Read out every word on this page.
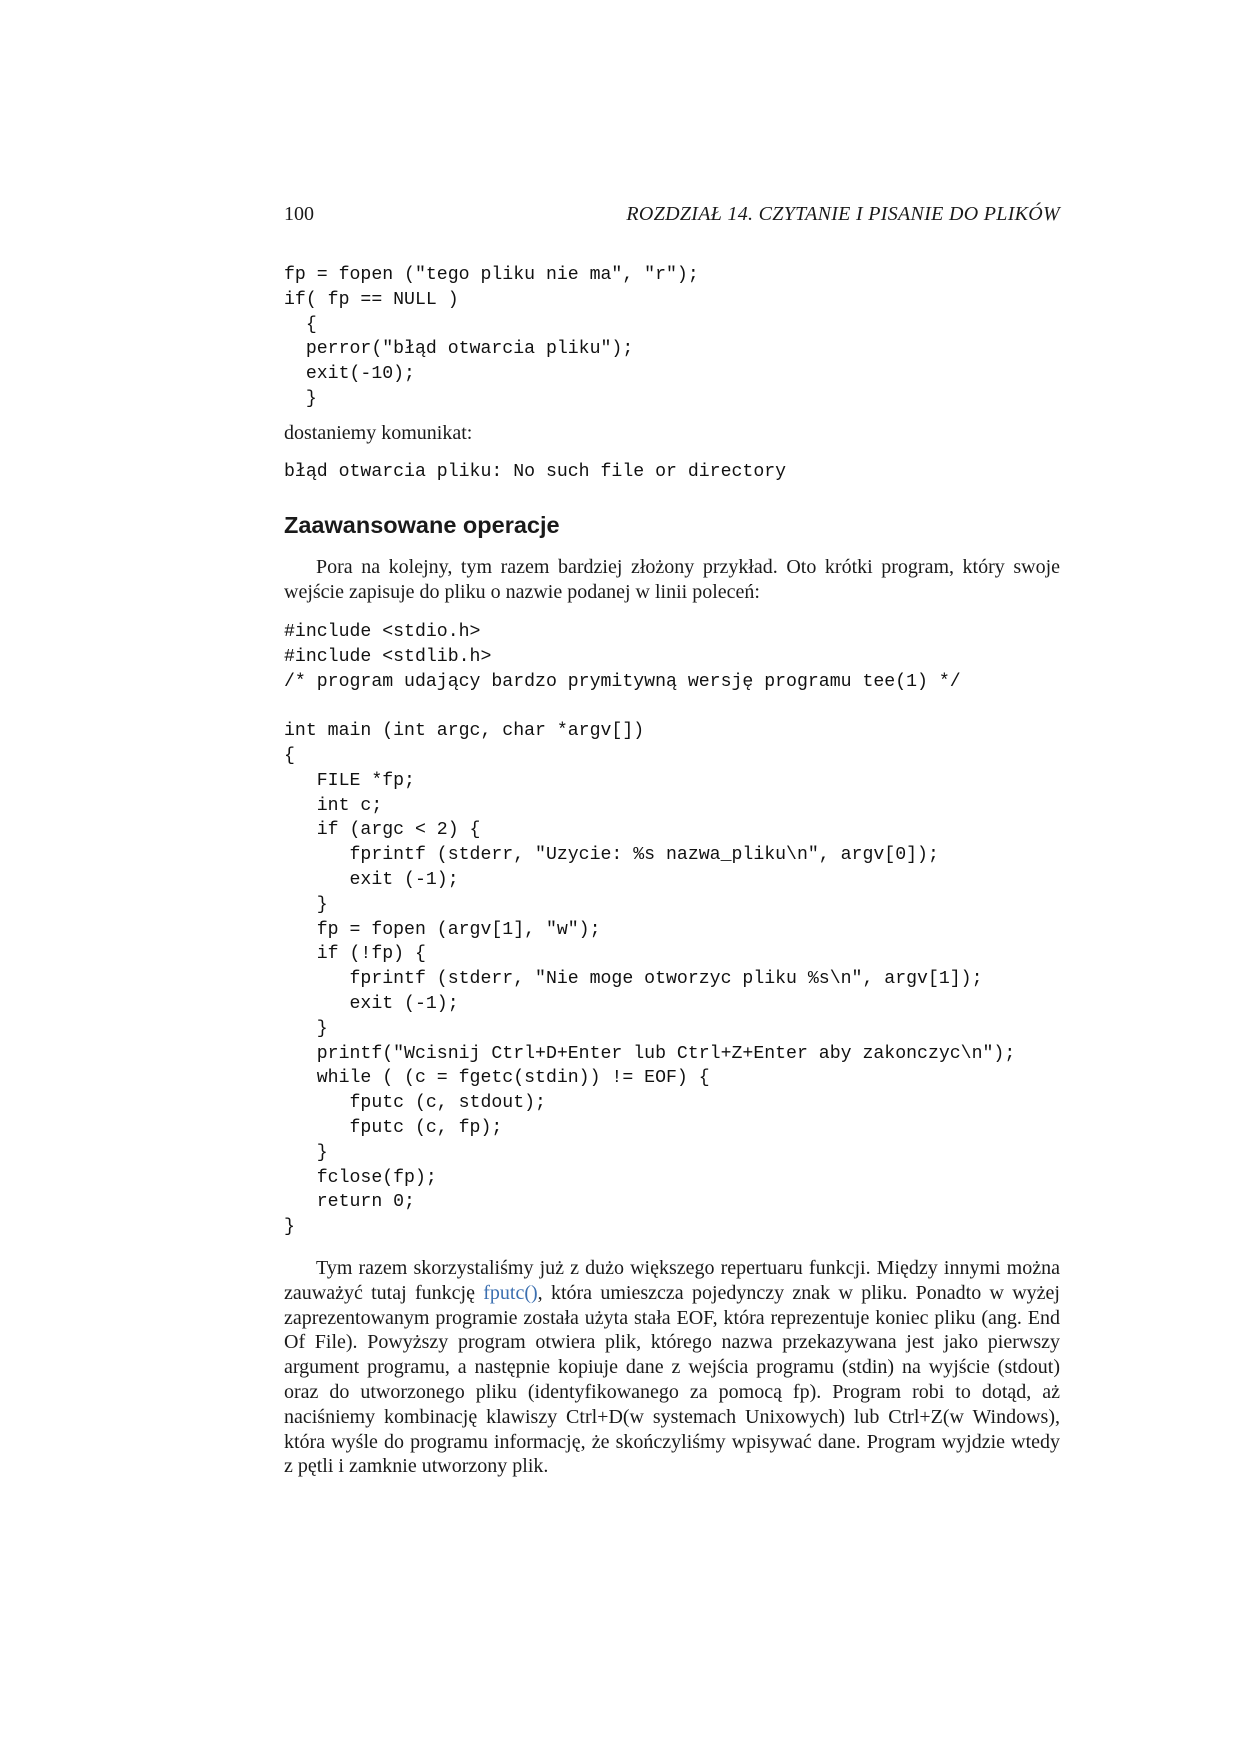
100	ROZDZIAŁ 14. CZYTANIE I PISANIE DO PLIKÓW
fp = fopen ("tego pliku nie ma", "r");
if( fp == NULL )
{
perror("błąd otwarcia pliku");
exit(-10);
}

dostaniemy komunikat:

błąd otwarcia pliku: No such file or directory
Zaawansowane operacje

Pora na kolejny, tym razem bardziej złożony przykład. Oto krótki program, który swoje wejście zapisuje do pliku o nazwie podanej w linii poleceń:

#include <stdio.h>
#include <stdlib.h>
/* program udający bardzo prymitywną wersję programu tee(1) */

int main (int argc, char *argv[])
{
FILE *fp;
int c;
if (argc < 2) {
fprintf (stderr, "Uzycie: %s nazwa_pliku\n", argv[0]);
exit (-1);
}
fp = fopen (argv[1], "w");
if (!fp) {
fprintf (stderr, "Nie moge otworzyc pliku %s\n", argv[1]);
exit (-1);
}
printf("Wcisnij Ctrl+D+Enter lub Ctrl+Z+Enter aby zakonczyc\n");
while ( (c = fgetc(stdin)) != EOF) {
fputc (c, stdout);
fputc (c, fp);
}
fclose(fp);
return 0;
}

Tym razem skorzystaliśmy już z dużo większego repertuaru funkcji. Między innymi można zauważyć tutaj funkcję fputc(), która umieszcza pojedynczy znak w pliku. Ponadto w wyżej zaprezentowanym programie została użyta stała EOF, która reprezentuje koniec pliku (ang. End Of File). Powyższy program otwiera plik, którego nazwa przekazywana jest jako pierwszy argument programu, a następnie kopiuje dane z wejścia programu (stdin) na wyjście (stdout) oraz do utworzonego pliku (identyfikowanego za pomocą fp). Program robi to dotąd, aż naciśniemy kombinację klawiszy Ctrl+D(w systemach Unixowych) lub Ctrl+Z(w Windows), która wyśle do programu informację, że skończyliśmy wpisywać dane. Program wyjdzie wtedy z pętli i zamknie utworzony plik.
